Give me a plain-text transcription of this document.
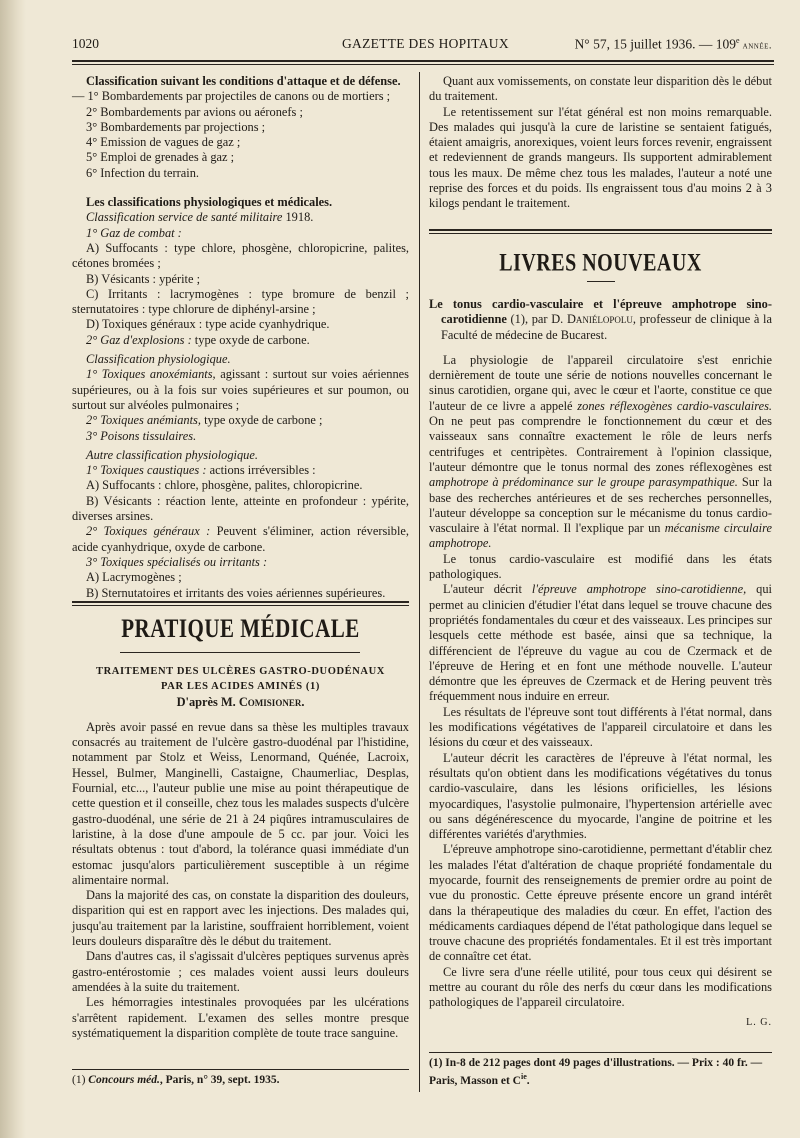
1020	GAZETTE DES HOPITAUX	N° 57, 15 juillet 1936. — 109e année.

Classification suivant les conditions d'attaque et de défense.

— 1° Bombardements par projectiles de canons ou de mortiers ;

2° Bombardements par avions ou aéronefs ;

3° Bombardements par projections ;

4° Emission de vagues de gaz ;

5° Emploi de grenades à gaz ;

6° Infection du terrain.

Les classifications physiologiques et médicales.

Classification service de santé militaire 1918.

1° Gaz de combat :

A) Suffocants : type chlore, phosgène, chloropicrine, palites, cétones bromées ;

B) Vésicants : ypérite ;

C) Irritants : lacrymogènes : type bromure de benzil ; sternutatoires : type chlorure de diphényl-arsine ;

D) Toxiques généraux : type acide cyanhydrique.

2° Gaz d'explosions : type oxyde de carbone.

Classification physiologique.

1° Toxiques anoxémiants, agissant : surtout sur voies aériennes supérieures, ou à la fois sur voies supérieures et sur poumon, ou surtout sur alvéoles pulmonaires ;

2° Toxiques anémiants, type oxyde de carbone ;

3° Poisons tissulaires.

Autre classification physiologique.

1° Toxiques caustiques : actions irréversibles :

A) Suffocants : chlore, phosgène, palites, chloropicrine.

B) Vésicants : réaction lente, atteinte en profondeur : ypérite, diverses arsines.

2° Toxiques généraux : Peuvent s'éliminer, action réversible, acide cyanhydrique, oxyde de carbone.

3° Toxiques spécialisés ou irritants :

A) Lacrymogènes ;

B) Sternutatoires et irritants des voies aériennes supérieures.

PRATIQUE MÉDICALE

TRAITEMENT DES ULCÈRES GASTRO-DUODÉNAUX

PAR LES ACIDES AMINÉS (1)

D'après M. Comisioner.

Après avoir passé en revue dans sa thèse les multiples travaux consacrés au traitement de l'ulcère gastro-duodénal par l'histidine, notamment par Stolz et Weiss, Lenormand, Quénée, Lacroix, Hessel, Bulmer, Manginelli, Castaigne, Chaumerliac, Desplas, Fournial, etc..., l'auteur publie une mise au point thérapeutique de cette question et il conseille, chez tous les malades suspects d'ulcère gastro-duodénal, une série de 21 à 24 piqûres intramusculaires de laristine, à la dose d'une ampoule de 5 cc. par jour. Voici les résultats obtenus : tout d'abord, la tolérance quasi immédiate d'un estomac jusqu'alors particulièrement susceptible à un régime alimentaire normal.

Dans la majorité des cas, on constate la disparition des douleurs, disparition qui est en rapport avec les injections. Des malades qui, jusqu'au traitement par la laristine, souffraient horriblement, voient leurs douleurs disparaître dès le début du traitement.

Dans d'autres cas, il s'agissait d'ulcères peptiques survenus après gastro-entérostomie ; ces malades voient aussi leurs douleurs amendées à la suite du traitement.

Les hémorragies intestinales provoquées par les ulcérations s'arrêtent rapidement. L'examen des selles montre presque systématiquement la disparition complète de toute trace sanguine.

(1) Concours méd., Paris, n° 39, sept. 1935.

Quant aux vomissements, on constate leur disparition dès le début du traitement.

Le retentissement sur l'état général est non moins remarquable. Des malades qui jusqu'à la cure de laristine se sentaient fatigués, étaient amaigris, anorexiques, voient leurs forces revenir, engraissent et redeviennent de grands mangeurs. Ils supportent admirablement tous les maux. De même chez tous les malades, l'auteur a noté une reprise des forces et du poids. Ils engraissent tous d'au moins 2 à 3 kilogs pendant le traitement.

LIVRES NOUVEAUX

Le tonus cardio-vasculaire et l'épreuve amphotrope sino-carotidienne (1), par D. Daniélopolu, professeur de clinique à la Faculté de médecine de Bucarest.

La physiologie de l'appareil circulatoire s'est enrichie dernièrement de toute une série de notions nouvelles concernant le sinus carotidien, organe qui, avec le cœur et l'aorte, constitue ce que l'auteur de ce livre a appelé zones réflexogènes cardio-vasculaires. On ne peut pas comprendre le fonctionnement du cœur et des vaisseaux sans connaître exactement le rôle de leurs nerfs centrifuges et centripètes. Contrairement à l'opinion classique, l'auteur démontre que le tonus normal des zones réflexogènes est amphotrope à prédominance sur le groupe parasympathique. Sur la base des recherches antérieures et de ses recherches personnelles, l'auteur développe sa conception sur le mécanisme du tonus cardio-vasculaire à l'état normal. Il l'explique par un mécanisme circulaire amphotrope.

Le tonus cardio-vasculaire est modifié dans les états pathologiques.

L'auteur décrit l'épreuve amphotrope sino-carotidienne, qui permet au clinicien d'étudier l'état dans lequel se trouve chacune des propriétés fondamentales du cœur et des vaisseaux. Les principes sur lesquels cette méthode est basée, ainsi que sa technique, la différencient de l'épreuve du vague au cou de Czermack et de l'épreuve de Hering et en font une méthode nouvelle. L'auteur démontre que les épreuves de Czermack et de Hering peuvent très fréquemment nous induire en erreur.

Les résultats de l'épreuve sont tout différents à l'état normal, dans les modifications végétatives de l'appareil circulatoire et dans les lésions du cœur et des vaisseaux.

L'auteur décrit les caractères de l'épreuve à l'état normal, les résultats qu'on obtient dans les modifications végétatives du tonus cardio-vasculaire, dans les lésions orificielles, les lésions myocardiques, l'asystolie pulmonaire, l'hypertension artérielle avec ou sans dégénérescence du myocarde, l'angine de poitrine et les différentes variétés d'arythmies.

L'épreuve amphotrope sino-carotidienne, permettant d'établir chez les malades l'état d'altération de chaque propriété fondamentale du myocarde, fournit des renseignements de premier ordre au point de vue du pronostic. Cette épreuve présente encore un grand intérêt dans la thérapeutique des maladies du cœur. En effet, l'action des médicaments cardiaques dépend de l'état pathologique dans lequel se trouve chacune des propriétés fondamentales. Et il est très important de connaître cet état.

Ce livre sera d'une réelle utilité, pour tous ceux qui désirent se mettre au courant du rôle des nerfs du cœur dans les modifications pathologiques de l'appareil circulatoire.

L. G.

(1) In-8 de 212 pages dont 49 pages d'illustrations. — Prix : 40 fr. — Paris, Masson et $C^{ie}$.
